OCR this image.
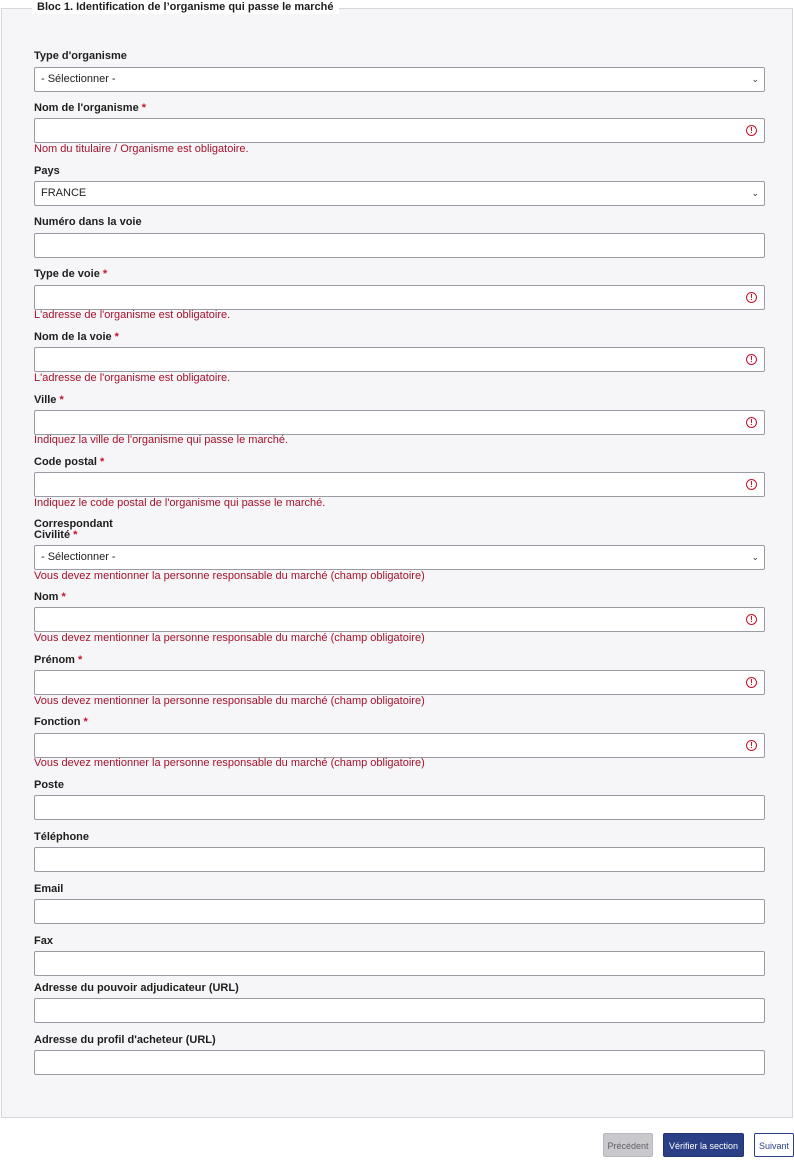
Bloc 1. Identification de l’organisme qui passe le marché
Type d'organisme
- Sélectionner -	⌄
Nom de l'organisme *
!
Nom du titulaire / Organisme est obligatoire.
Pays
FRANCE	⌄
Numéro dans la voie
Type de voie *
!
L'adresse de l'organisme est obligatoire.
Nom de la voie *
!
L'adresse de l'organisme est obligatoire.
Ville *
!
Indiquez la ville de l'organisme qui passe le marché.
Code postal *
!
Indiquez le code postal de l'organisme qui passe le marché.
Correspondant
Civilité *
- Sélectionner -	⌄
Vous devez mentionner la personne responsable du marché (champ obligatoire)
Nom *
!
Vous devez mentionner la personne responsable du marché (champ obligatoire)
Prénom *
!
Vous devez mentionner la personne responsable du marché (champ obligatoire)
Fonction *
!
Vous devez mentionner la personne responsable du marché (champ obligatoire)
Poste
Téléphone
Email
Fax
Adresse du pouvoir adjudicateur (URL)
Adresse du profil d'acheteur (URL)
Précédent	Vérifier la section	Suivant
